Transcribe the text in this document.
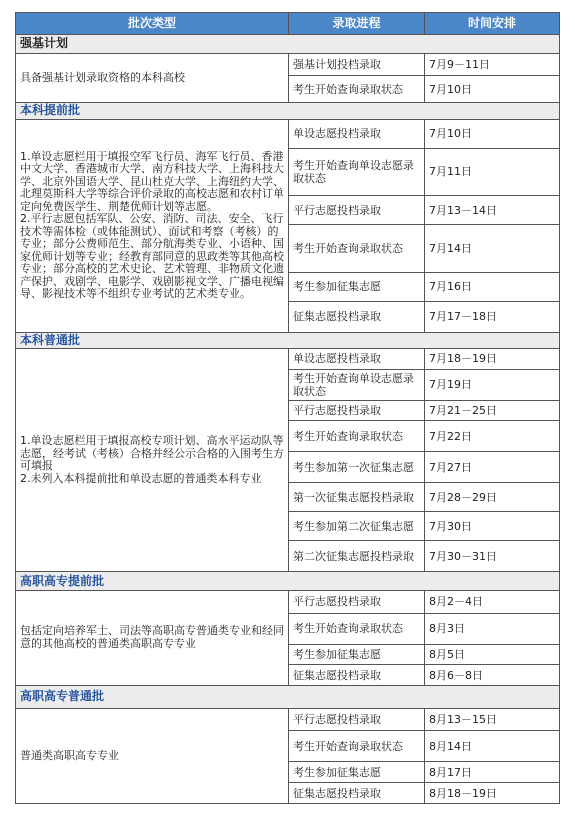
批次类型	录取进程	时间安排
强基计划		
具备强基计划录取资格的本科高校	强基计划投档录取	7月9－11日
	考生开始查询录取状态	7月10日
本科提前批		
1.单设志愿栏用于填报空军飞行员、海军飞行员、香港中文大学、香港城市大学、南方科技大学、上海科技大学、北京外国语大学、昆山杜克大学、上海纽约大学、北理莫斯科大学等综合评价录取的高校志愿和农村订单定向免费医学生、荆楚优师计划等志愿。
2.平行志愿包括军队、公安、消防、司法、安全、飞行技术等需体检（或体能测试）、面试和考察（考核）的专业；部分公费师范生、部分航海类专业、小语种、国家优师计划等专业；经教育部同意的思政类等其他高校专业；部分高校的艺术史论、艺术管理、非物质文化遗产保护、戏剧学、电影学、戏剧影视文学、广播电视编导、影视技术等不组织专业考试的艺术类专业。	单设志愿投档录取	7月10日
	考生开始查询单设志愿录取状态	7月11日
	平行志愿投档录取	7月13－14日
	考生开始查询录取状态	7月14日
	考生参加征集志愿	7月16日
	征集志愿投档录取	7月17－18日
本科普通批		
1.单设志愿栏用于填报高校专项计划、高水平运动队等志愿，经考试（考核）合格并经公示合格的入围考生方可填报
2.未列入本科提前批和单设志愿的普通类本科专业	单设志愿投档录取	7月18－19日
	考生开始查询单设志愿录取状态	7月19日
	平行志愿投档录取	7月21－25日
	考生开始查询录取状态	7月22日
	考生参加第一次征集志愿	7月27日
	第一次征集志愿投档录取	7月28－29日
	考生参加第二次征集志愿	7月30日
	第二次征集志愿投档录取	7月30－31日
高职高专提前批		
包括定向培养军士、司法等高职高专普通类专业和经同意的其他高校的普通类高职高专专业	平行志愿投档录取	8月2－4日
	考生开始查询录取状态	8月3日
	考生参加征集志愿	8月5日
	征集志愿投档录取	8月6－8日
高职高专普通批		
普通类高职高专专业	平行志愿投档录取	8月13－15日
	考生开始查询录取状态	8月14日
	考生参加征集志愿	8月17日
	征集志愿投档录取	8月18－19日
